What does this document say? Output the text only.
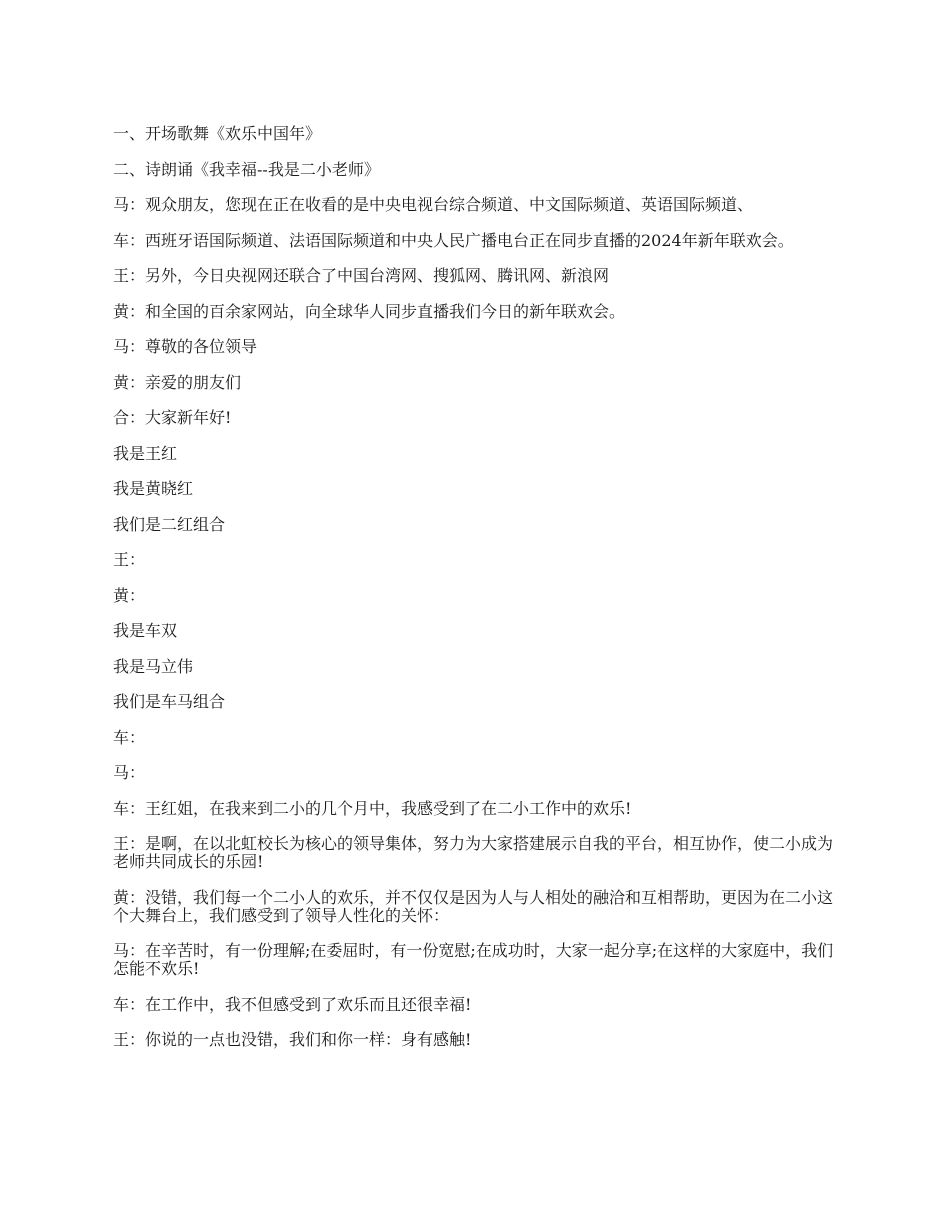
一、开场歌舞《欢乐中国年》

二、诗朗诵《我幸福--我是二小老师》

马：观众朋友，您现在正在收看的是中央电视台综合频道、中文国际频道、英语国际频道、

车：西班牙语国际频道、法语国际频道和中央人民广播电台正在同步直播的2024年新年联欢会。

王：另外，今日央视网还联合了中国台湾网、搜狐网、腾讯网、新浪网

黄：和全国的百余家网站，向全球华人同步直播我们今日的新年联欢会。

马：尊敬的各位领导

黄：亲爱的朋友们

合：大家新年好!

我是王红

我是黄晓红

我们是二红组合

王：

黄：

我是车双

我是马立伟

我们是车马组合

车：

马：

车：王红姐，在我来到二小的几个月中，我感受到了在二小工作中的欢乐!

王：是啊，在以北虹校长为核心的领导集体，努力为大家搭建展示自我的平台，相互协作，使二小成为老师共同成长的乐园!

黄：没错，我们每一个二小人的欢乐，并不仅仅是因为人与人相处的融洽和互相帮助，更因为在二小这个大舞台上，我们感受到了领导人性化的关怀：

马：在辛苦时，有一份理解;在委屈时，有一份宽慰;在成功时，大家一起分享;在这样的大家庭中，我们怎能不欢乐!

车：在工作中，我不但感受到了欢乐而且还很幸福!

王：你说的一点也没错，我们和你一样：身有感触!
